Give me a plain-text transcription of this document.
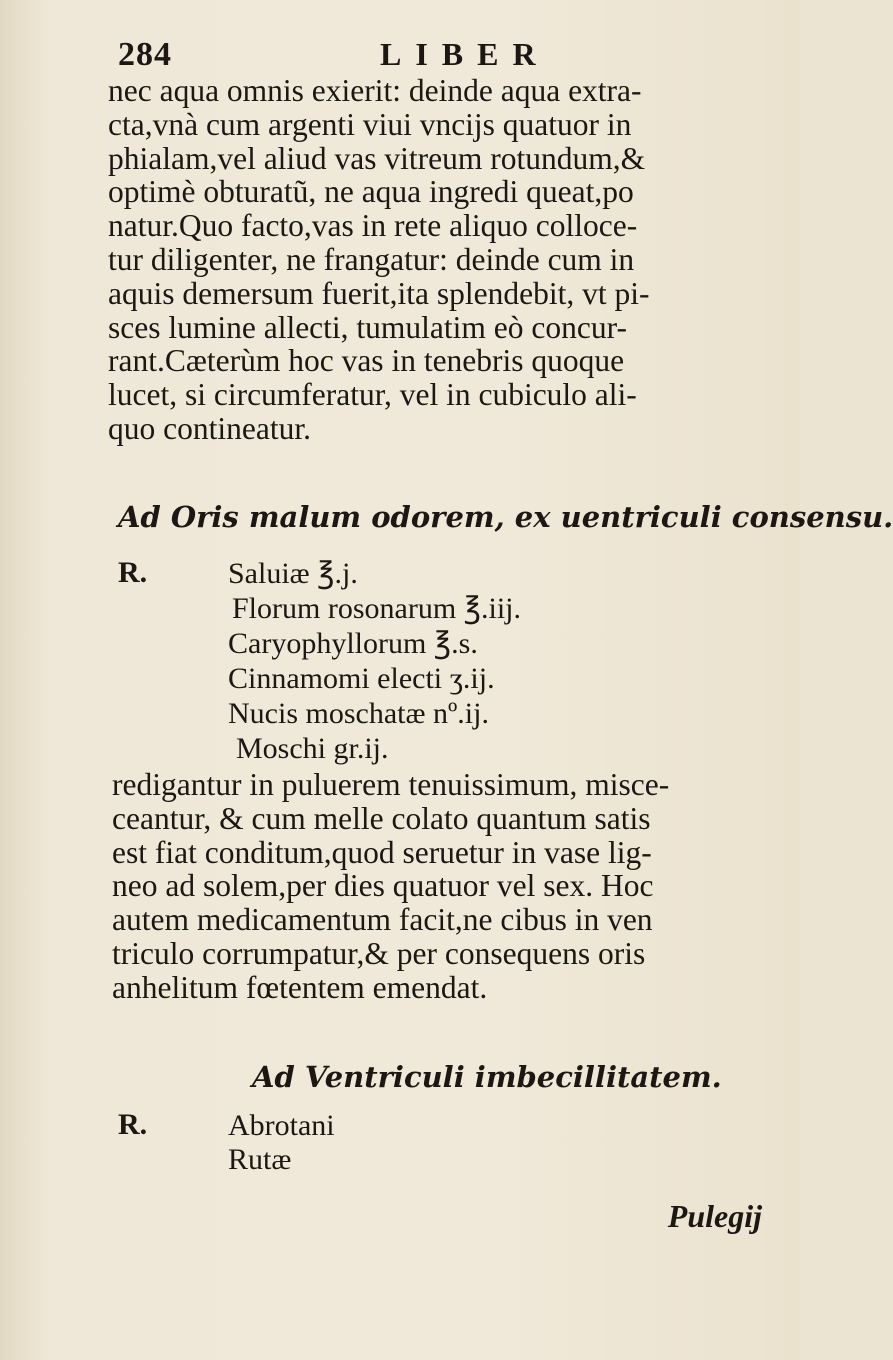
284	LIBER
nec aqua omnis exierit: deinde aqua extra-
cta,vnà cum argenti viui vncijs quatuor in
phialam,vel aliud vas vitreum rotundum,&
optimè obturatũ, ne aqua ingredi queat,po
natur.Quo facto,vas in rete aliquo colloce-
tur diligenter, ne frangatur: deinde cum in
aquis demersum fuerit,ita splendebit, vt pi-
sces lumine allecti, tumulatim eò concur-
rant.Cæterùm hoc vas in tenebris quoque
lucet, si circumferatur, vel in cubiculo ali-
quo contineatur.
Ad Oris malum odorem, ex uentriculi consensu.
R.	Saluiæ ℥.j.
Florum rosonarum ℥.iij.
Caryophyllorum ℥.s.
Cinnamomi electi ʒ.ij.
Nucis moschatæ nº.ij.
Moschi gr.ij.
redigantur in puluerem tenuissimum, misce-
ceantur, & cum melle colato quantum satis
est fiat conditum,quod seruetur in vase lig-
neo ad solem,per dies quatuor vel sex. Hoc
autem medicamentum facit,ne cibus in ven
triculo corrumpatur,& per consequens oris
anhelitum fœtentem emendat.
Ad Ventriculi imbecillitatem.
R.	Abrotani
Rutæ
Pulegij
